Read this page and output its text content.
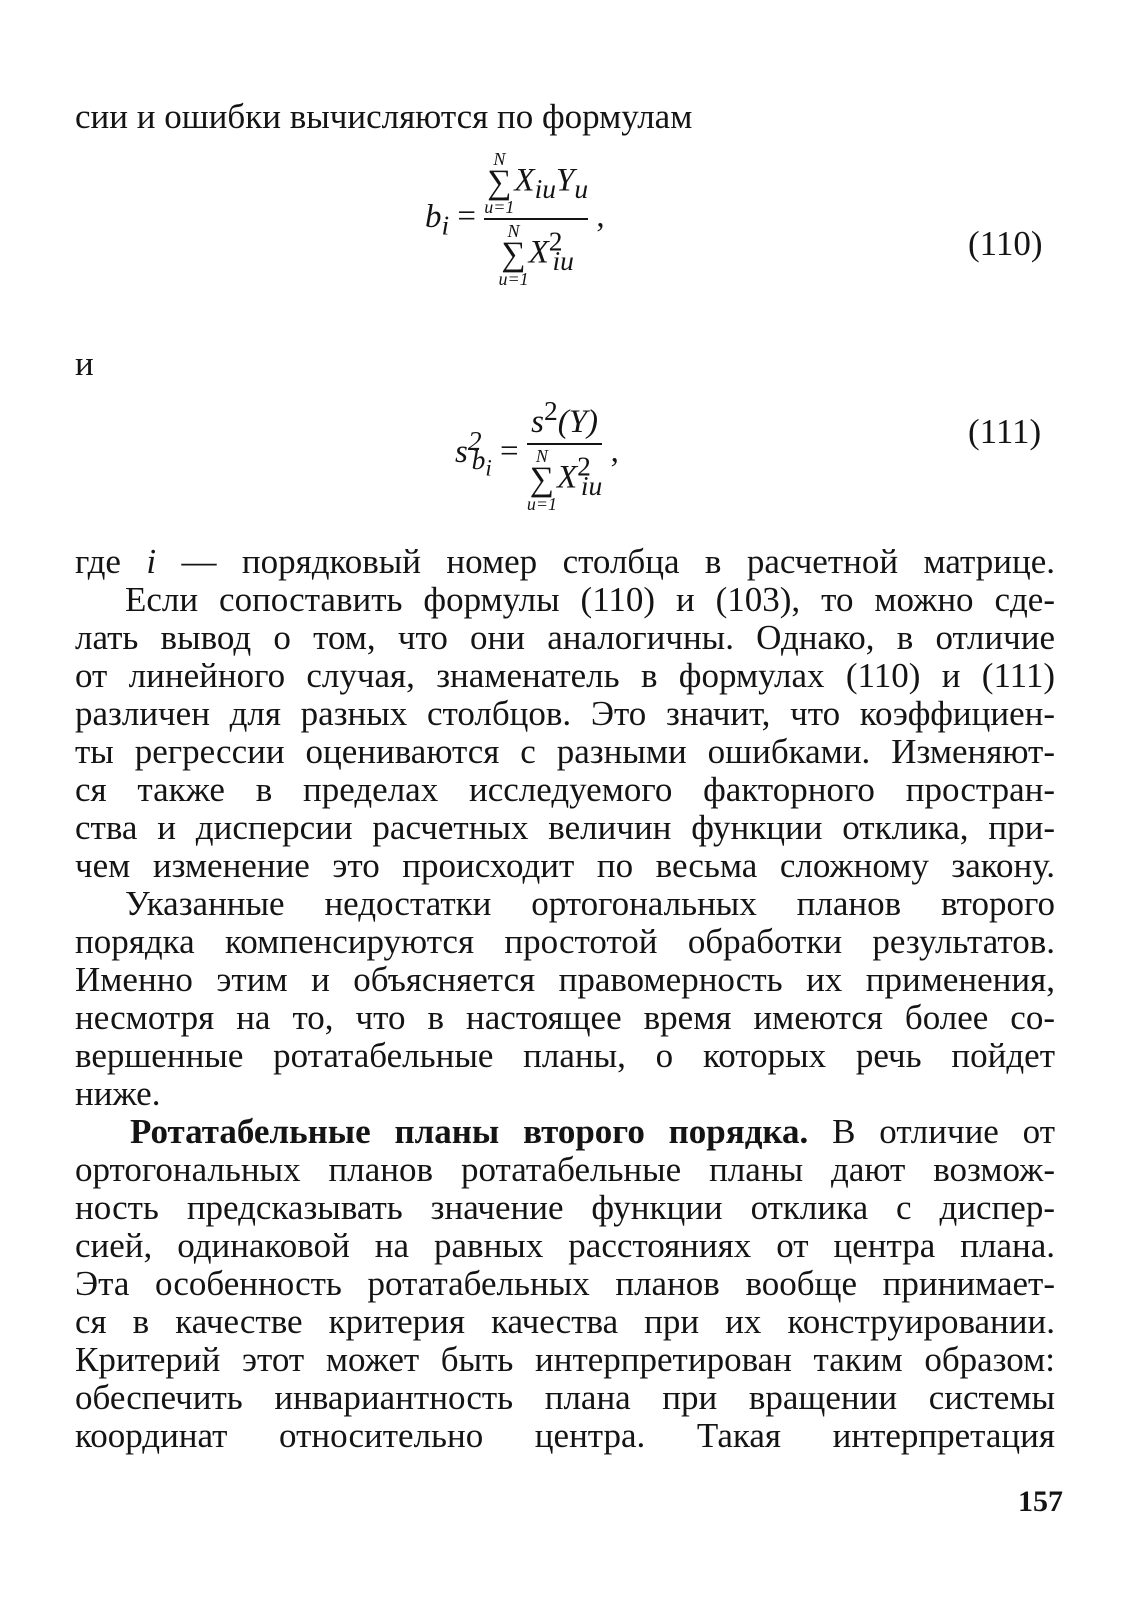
сии и ошибки вычисляются по формулам
$b_i = N$
∑
u=1
$X_{iu}Y_u$
N
∑
u=1
$X^2_{iu}$ ,
(110)
и
$s^2_{b_i} = s^2(Y)$
N
∑
u=1
$X^2_{iu}$ ,
(111)
где i — порядковый номер столбца в расчетной матрице.
Если сопоставить формулы (110) и (103), то можно сде-
лать вывод о том, что они аналогичны. Однако, в отличие
от линейного случая, знаменатель в формулах (110) и (111)
различен для разных столбцов. Это значит, что коэффициен-
ты регрессии оцениваются с разными ошибками. Изменяют-
ся также в пределах исследуемого факторного простран-
ства и дисперсии расчетных величин функции отклика, при-
чем изменение это происходит по весьма сложному закону.
Указанные недостатки ортогональных планов второго
порядка компенсируются простотой обработки результатов.
Именно этим и объясняется правомерность их применения,
несмотря на то, что в настоящее время имеются более со-
вершенные ротатабельные планы, о которых речь пойдет
ниже.
Ротатабельные планы второго порядка. В отличие от
ортогональных планов ротатабельные планы дают возмож-
ность предсказывать значение функции отклика с диспер-
сией, одинаковой на равных расстояниях от центра плана.
Эта особенность ротатабельных планов вообще принимает-
ся в качестве критерия качества при их конструировании.
Критерий этот может быть интерпретирован таким образом:
обеспечить инвариантность плана при вращении системы
координат относительно центра. Такая интерпретация
157
